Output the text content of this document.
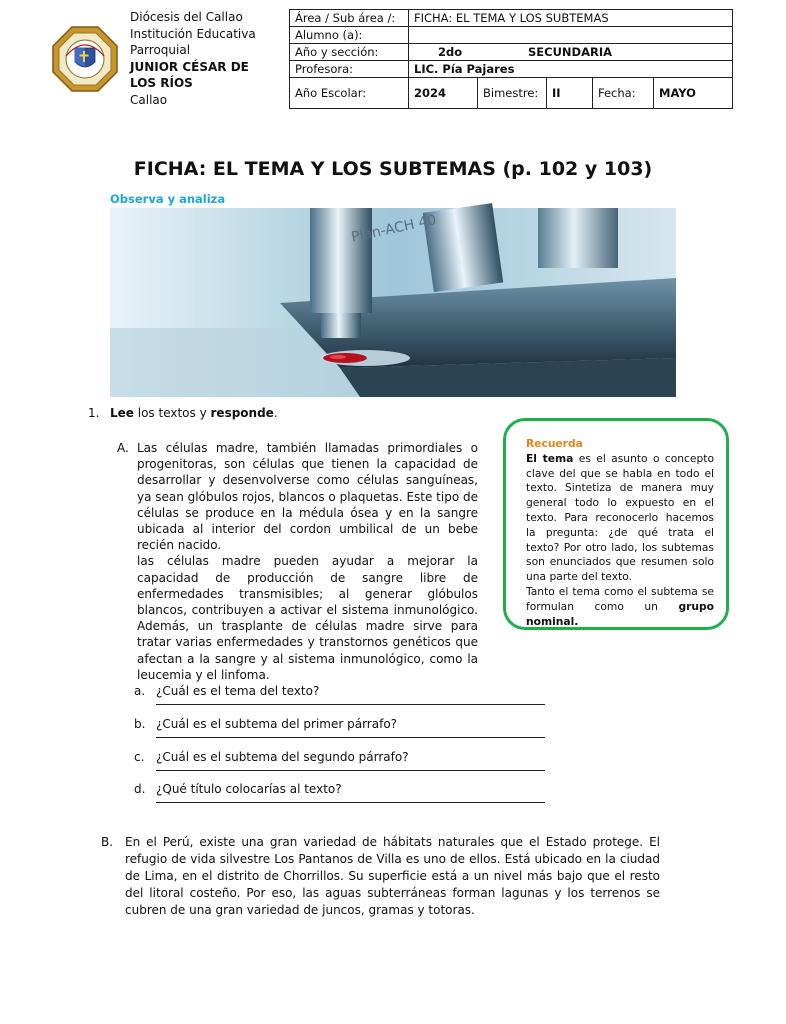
Diócesis del Callao
Institución Educativa
Parroquial
JUNIOR CÉSAR DE LOS RÍOS
Callao
Área / Sub área /:	FICHA: EL TEMA Y LOS SUBTEMAS				
Alumno (a):					
Año y sección:	2do SECUNDARIA				
Profesora:	LIC. Pía Pajares				
Año Escolar:	2024	Bimestre:	II	Fecha:	MAYO
FICHA: EL TEMA Y LOS SUBTEMAS (p. 102 y 103)
Observa y analiza
Plan-ACH 40
1. Lee los textos y responde.
A. Las células madre, también llamadas primordiales o progenitoras, son células que tienen la capacidad de desarrollar y desenvolverse como células sanguíneas, ya sean glóbulos rojos, blancos o plaquetas. Este tipo de células se produce en la médula ósea y en la sangre ubicada al interior del cordon umbilical de un bebe recién nacido.

las células madre pueden ayudar a mejorar la capacidad de producción de sangre libre de enfermedades transmisibles; al generar glóbulos blancos, contribuyen a activar el sistema inmunológico. Además, un trasplante de células madre sirve para tratar varias enfermedades y transtornos genéticos que afectan a la sangre y al sistema inmunológico, como la leucemia y el linfoma.

Recuerda

El tema es el asunto o concepto clave del que se habla en todo el texto. Sintetiza de manera muy general todo lo expuesto en el texto. Para reconocerlo hacemos la pregunta: ¿de qué trata el texto? Por otro lado, los subtemas son enunciados que resumen solo una parte del texto.

Tanto el tema como el subtema se formulan como un grupo nominal.

a. ¿Cuál es el tema del texto?
b. ¿Cuál es el subtema del primer párrafo?
c. ¿Cuál es el subtema del segundo párrafo?
d. ¿Qué título colocarías al texto?
B. En el Perú, existe una gran variedad de hábitats naturales que el Estado protege. El refugio de vida silvestre Los Pantanos de Villa es uno de ellos. Está ubicado en la ciudad de Lima, en el distrito de Chorrillos. Su superficie está a un nivel más bajo que el resto del litoral costeño. Por eso, las aguas subterráneas forman lagunas y los terrenos se cubren de una gran variedad de juncos, gramas y totoras.
